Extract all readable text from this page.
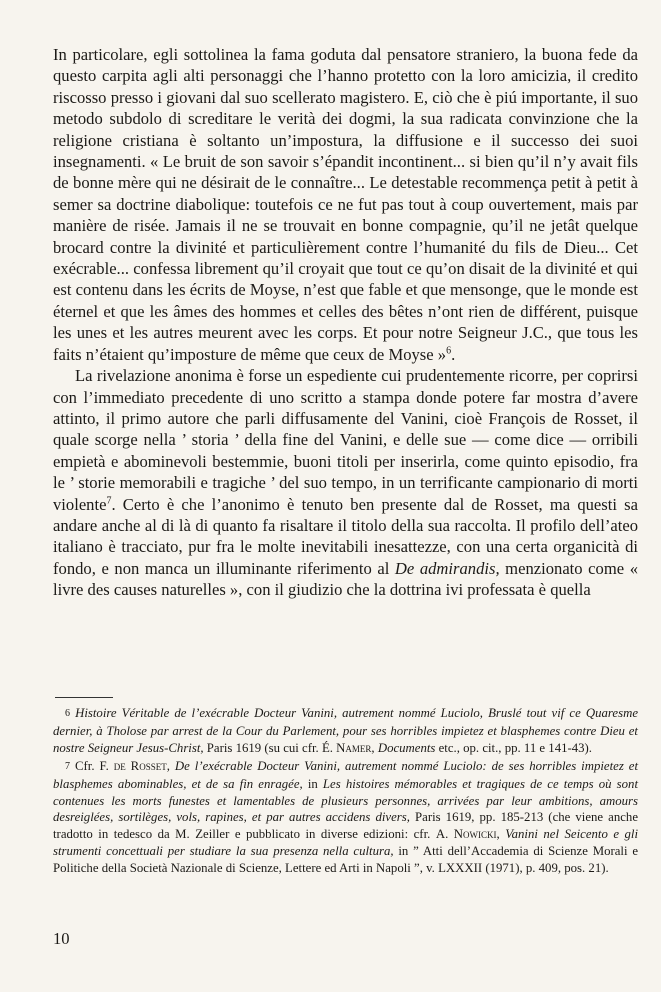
In particolare, egli sottolinea la fama goduta dal pensatore straniero, la buona fede da questo carpita agli alti personaggi che l’hanno protetto con la loro amicizia, il credito riscosso presso i giovani dal suo scellerato magistero. E, ciò che è piú importante, il suo metodo subdolo di screditare le verità dei dogmi, la sua radicata convinzione che la religione cristiana è soltanto un’impostura, la diffusione e il successo dei suoi insegnamenti. « Le bruit de son savoir s’épandit incontinent... si bien qu’il n’y avait fils de bonne mère qui ne désirait de le connaître... Le detestable recommença petit à petit à semer sa doctrine diabolique: toutefois ce ne fut pas tout à coup ouvertement, mais par manière de risée. Jamais il ne se trouvait en bonne compagnie, qu’il ne jetât quelque brocard contre la divinité et particulièrement contre l’humanité du fils de Dieu... Cet exécrable... confessa librement qu’il croyait que tout ce qu’on disait de la divinité et qui est contenu dans les écrits de Moyse, n’est que fable et que mensonge, que le monde est éternel et que les âmes des hommes et celles des bêtes n’ont rien de différent, puisque les unes et les autres meurent avec les corps. Et pour notre Seigneur J.C., que tous les faits n’étaient qu’imposture de même que ceux de Moyse »$^6$.

La rivelazione anonima è forse un espediente cui prudentemente ricorre, per coprirsi con l’immediato precedente di uno scritto a stampa donde potere far mostra d’avere attinto, il primo autore che parli diffusamente del Vanini, cioè François de Rosset, il quale scorge nella ’ storia ’ della fine del Vanini, e delle sue — come dice — orribili empietà e abominevoli bestemmie, buoni titoli per inserirla, come quinto episodio, fra le ’ storie memorabili e tragiche ’ del suo tempo, in un terrificante campionario di morti violente$^7$. Certo è che l’anonimo è tenuto ben presente dal de Rosset, ma questi sa andare anche al di là di quanto fa risaltare il titolo della sua raccolta. Il profilo dell’ateo italiano è tracciato, pur fra le molte inevitabili inesattezze, con una certa organicità di fondo, e non manca un illuminante riferimento al De admirandis, menzionato come « livre des causes naturelles », con il giudizio che la dottrina ivi professata è quella

6 Histoire Véritable de l’exécrable Docteur Vanini, autrement nommé Luciolo, Bruslé tout vif ce Quaresme dernier, à Tholose par arrest de la Cour du Parlement, pour ses horribles impietez et blasphemes contre Dieu et nostre Seigneur Jesus-Christ, Paris 1619 (su cui cfr. É. Namer, Documents etc., op. cit., pp. 11 e 141-43).

7 Cfr. F. de Rosset, De l’exécrable Docteur Vanini, autrement nommé Luciolo: de ses horribles impietez et blasphemes abominables, et de sa fin enragée, in Les histoires mémorables et tragiques de ce temps où sont contenues les morts funestes et lamentables de plusieurs personnes, arrivées par leur ambitions, amours desreiglées, sortilèges, vols, rapines, et par autres accidens divers, Paris 1619, pp. 185-213 (che viene anche tradotto in tedesco da M. Zeiller e pubblicato in diverse edizioni: cfr. A. Nowicki, Vanini nel Seicento e gli strumenti concettuali per studiare la sua presenza nella cultura, in ” Atti dell’Accademia di Scienze Morali e Politiche della Società Nazionale di Scienze, Lettere ed Arti in Napoli ”, v. LXXXII (1971), p. 409, pos. 21).

10
